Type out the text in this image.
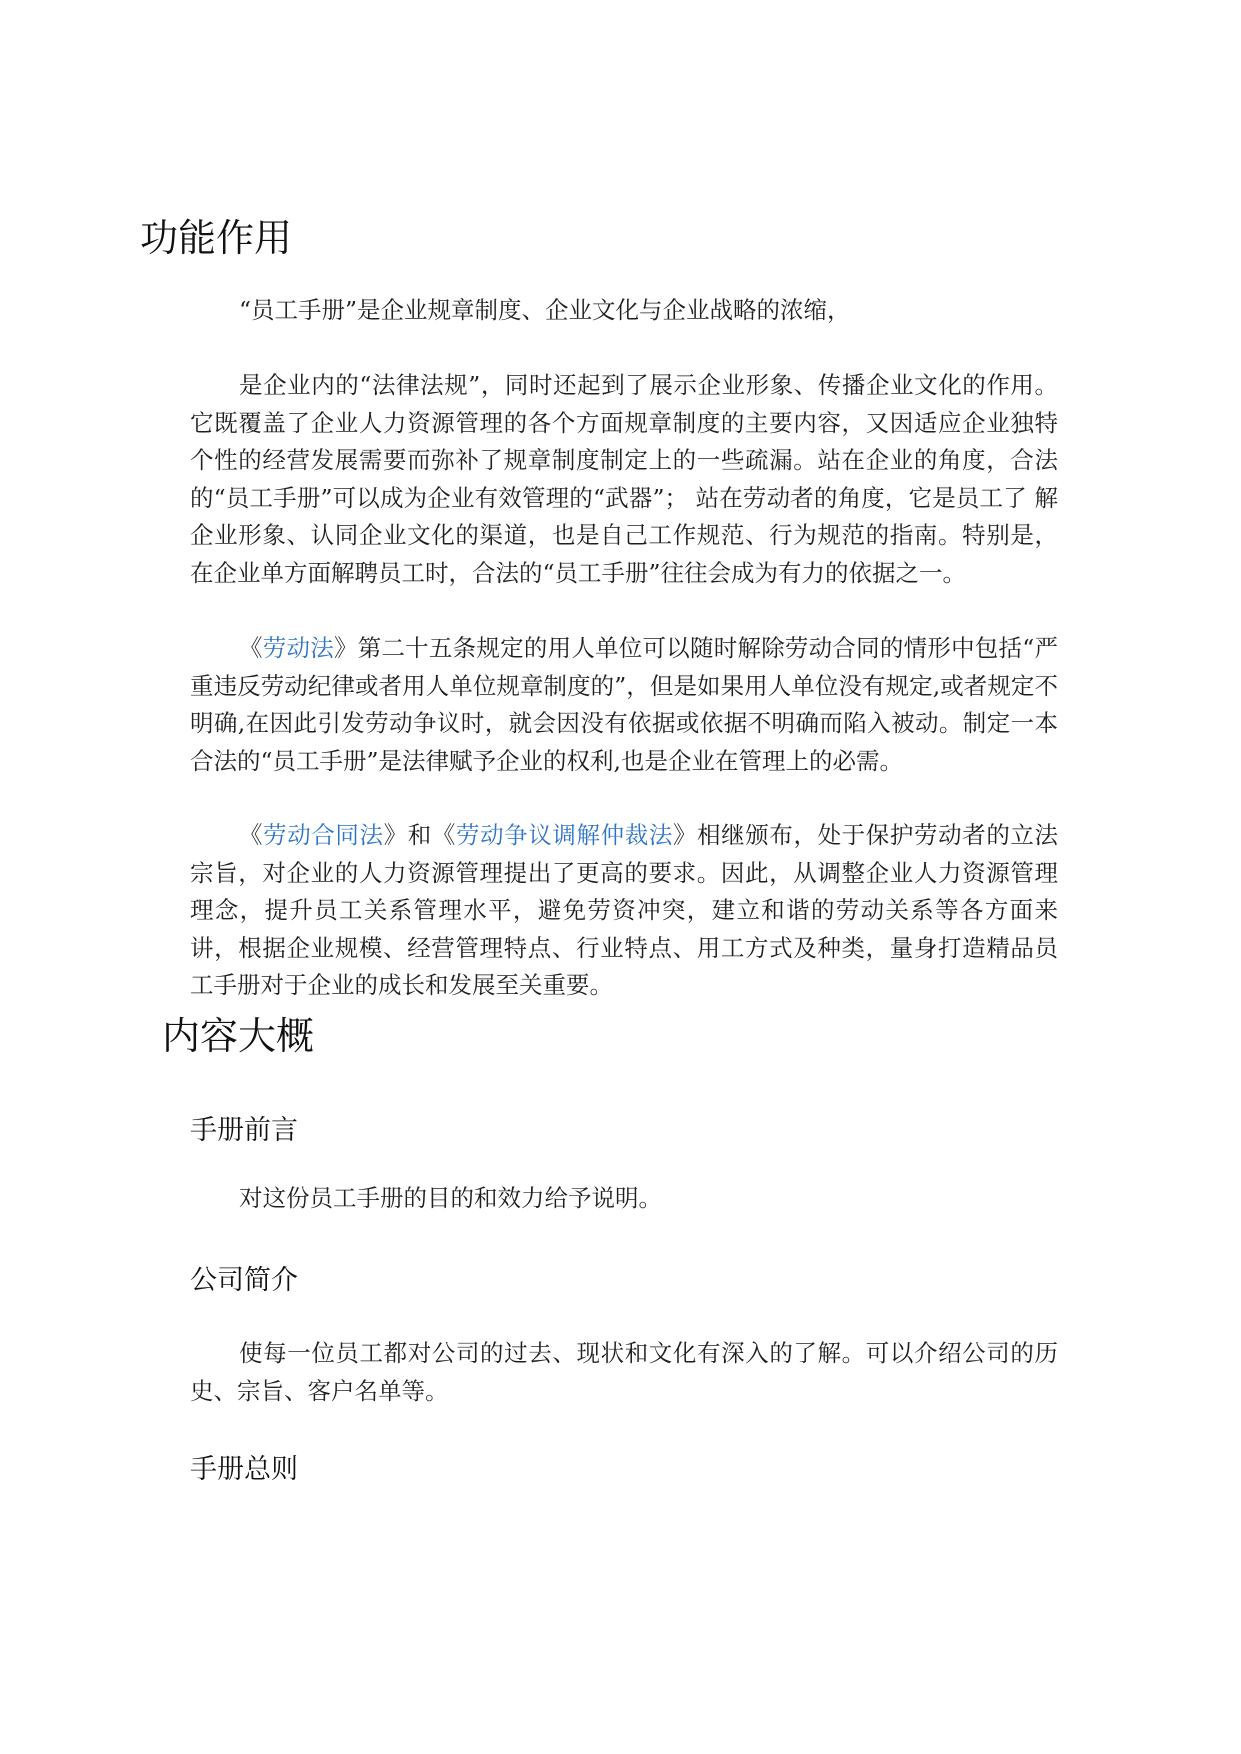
功能作用

“员工手册”是企业规章制度、企业文化与企业战略的浓缩，

是企业内的“法律法规”，同时还起到了展示企业形象、传播企业文化的作用。它既覆盖了企业人力资源管理的各个方面规章制度的主要内容，又因适应企业独特个性的经营发展需要而弥补了规章制度制定上的一些疏漏。站在企业的角度，合法的“员工手册”可以成为企业有效管理的“武器”； 站在劳动者的角度，它是员工了 解企业形象、认同企业文化的渠道，也是自己工作规范、行为规范的指南。特别是，在企业单方面解聘员工时，合法的“员工手册”往往会成为有力的依据之一。

《劳动法》第二十五条规定的用人单位可以随时解除劳动合同的情形中包括“严重违反劳动纪律或者用人单位规章制度的”，但是如果用人单位没有规定,或者规定不明确,在因此引发劳动争议时，就会因没有依据或依据不明确而陷入被动。制定一本合法的“员工手册”是法律赋予企业的权利,也是企业在管理上的必需。

《劳动合同法》和《劳动争议调解仲裁法》相继颁布，处于保护劳动者的立法宗旨，对企业的人力资源管理提出了更高的要求。因此，从调整企业人力资源管理理念，提升员工关系管理水平，避免劳资冲突，建立和谐的劳动关系等各方面来讲，根据企业规模、经营管理特点、行业特点、用工方式及种类，量身打造精品员工手册对于企业的成长和发展至关重要。

内容大概
手册前言

对这份员工手册的目的和效力给予说明。

公司简介

使每一位员工都对公司的过去、现状和文化有深入的了解。可以介绍公司的历史、宗旨、客户名单等。

手册总则
